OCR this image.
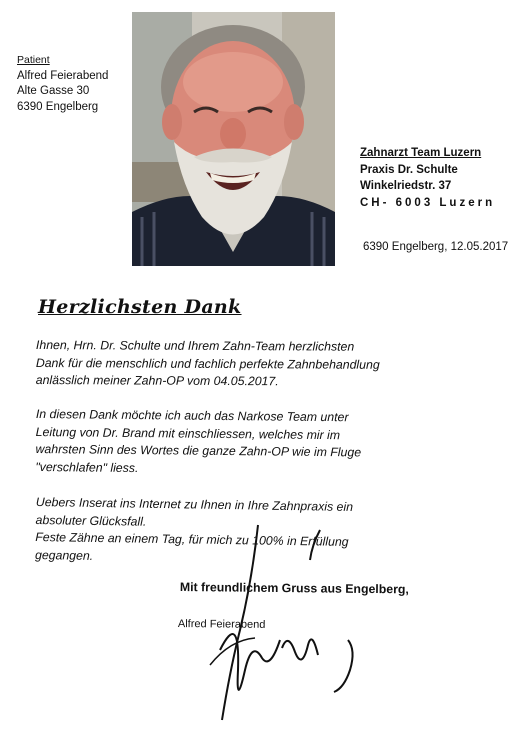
Patient
Alfred Feierabend
Alte Gasse 30
6390 Engelberg
Zahnarzt Team Luzern
Praxis Dr. Schulte
Winkelriedstr. 37
CH- 6003 Luzern
6390 Engelberg, 12.05.2017
Herzlichsten Dank
Ihnen, Hrn. Dr. Schulte und Ihrem Zahn-Team herzlichsten
Dank für die menschlich und fachlich perfekte Zahnbehandlung
anlässlich meiner Zahn-OP vom 04.05.2017.
In diesen Dank möchte ich auch das Narkose Team unter
Leitung von Dr. Brand mit einschliessen, welches mir im
wahrsten Sinn des Wortes die ganze Zahn-OP wie im Fluge
"verschlafen" liess.
Uebers Inserat ins Internet zu Ihnen in Ihre Zahnpraxis ein
absoluter Glücksfall.
Feste Zähne an einem Tag, für mich zu 100% in Erfüllung
gegangen.
Mit freundlichem Gruss aus Engelberg,
Alfred Feierabend
